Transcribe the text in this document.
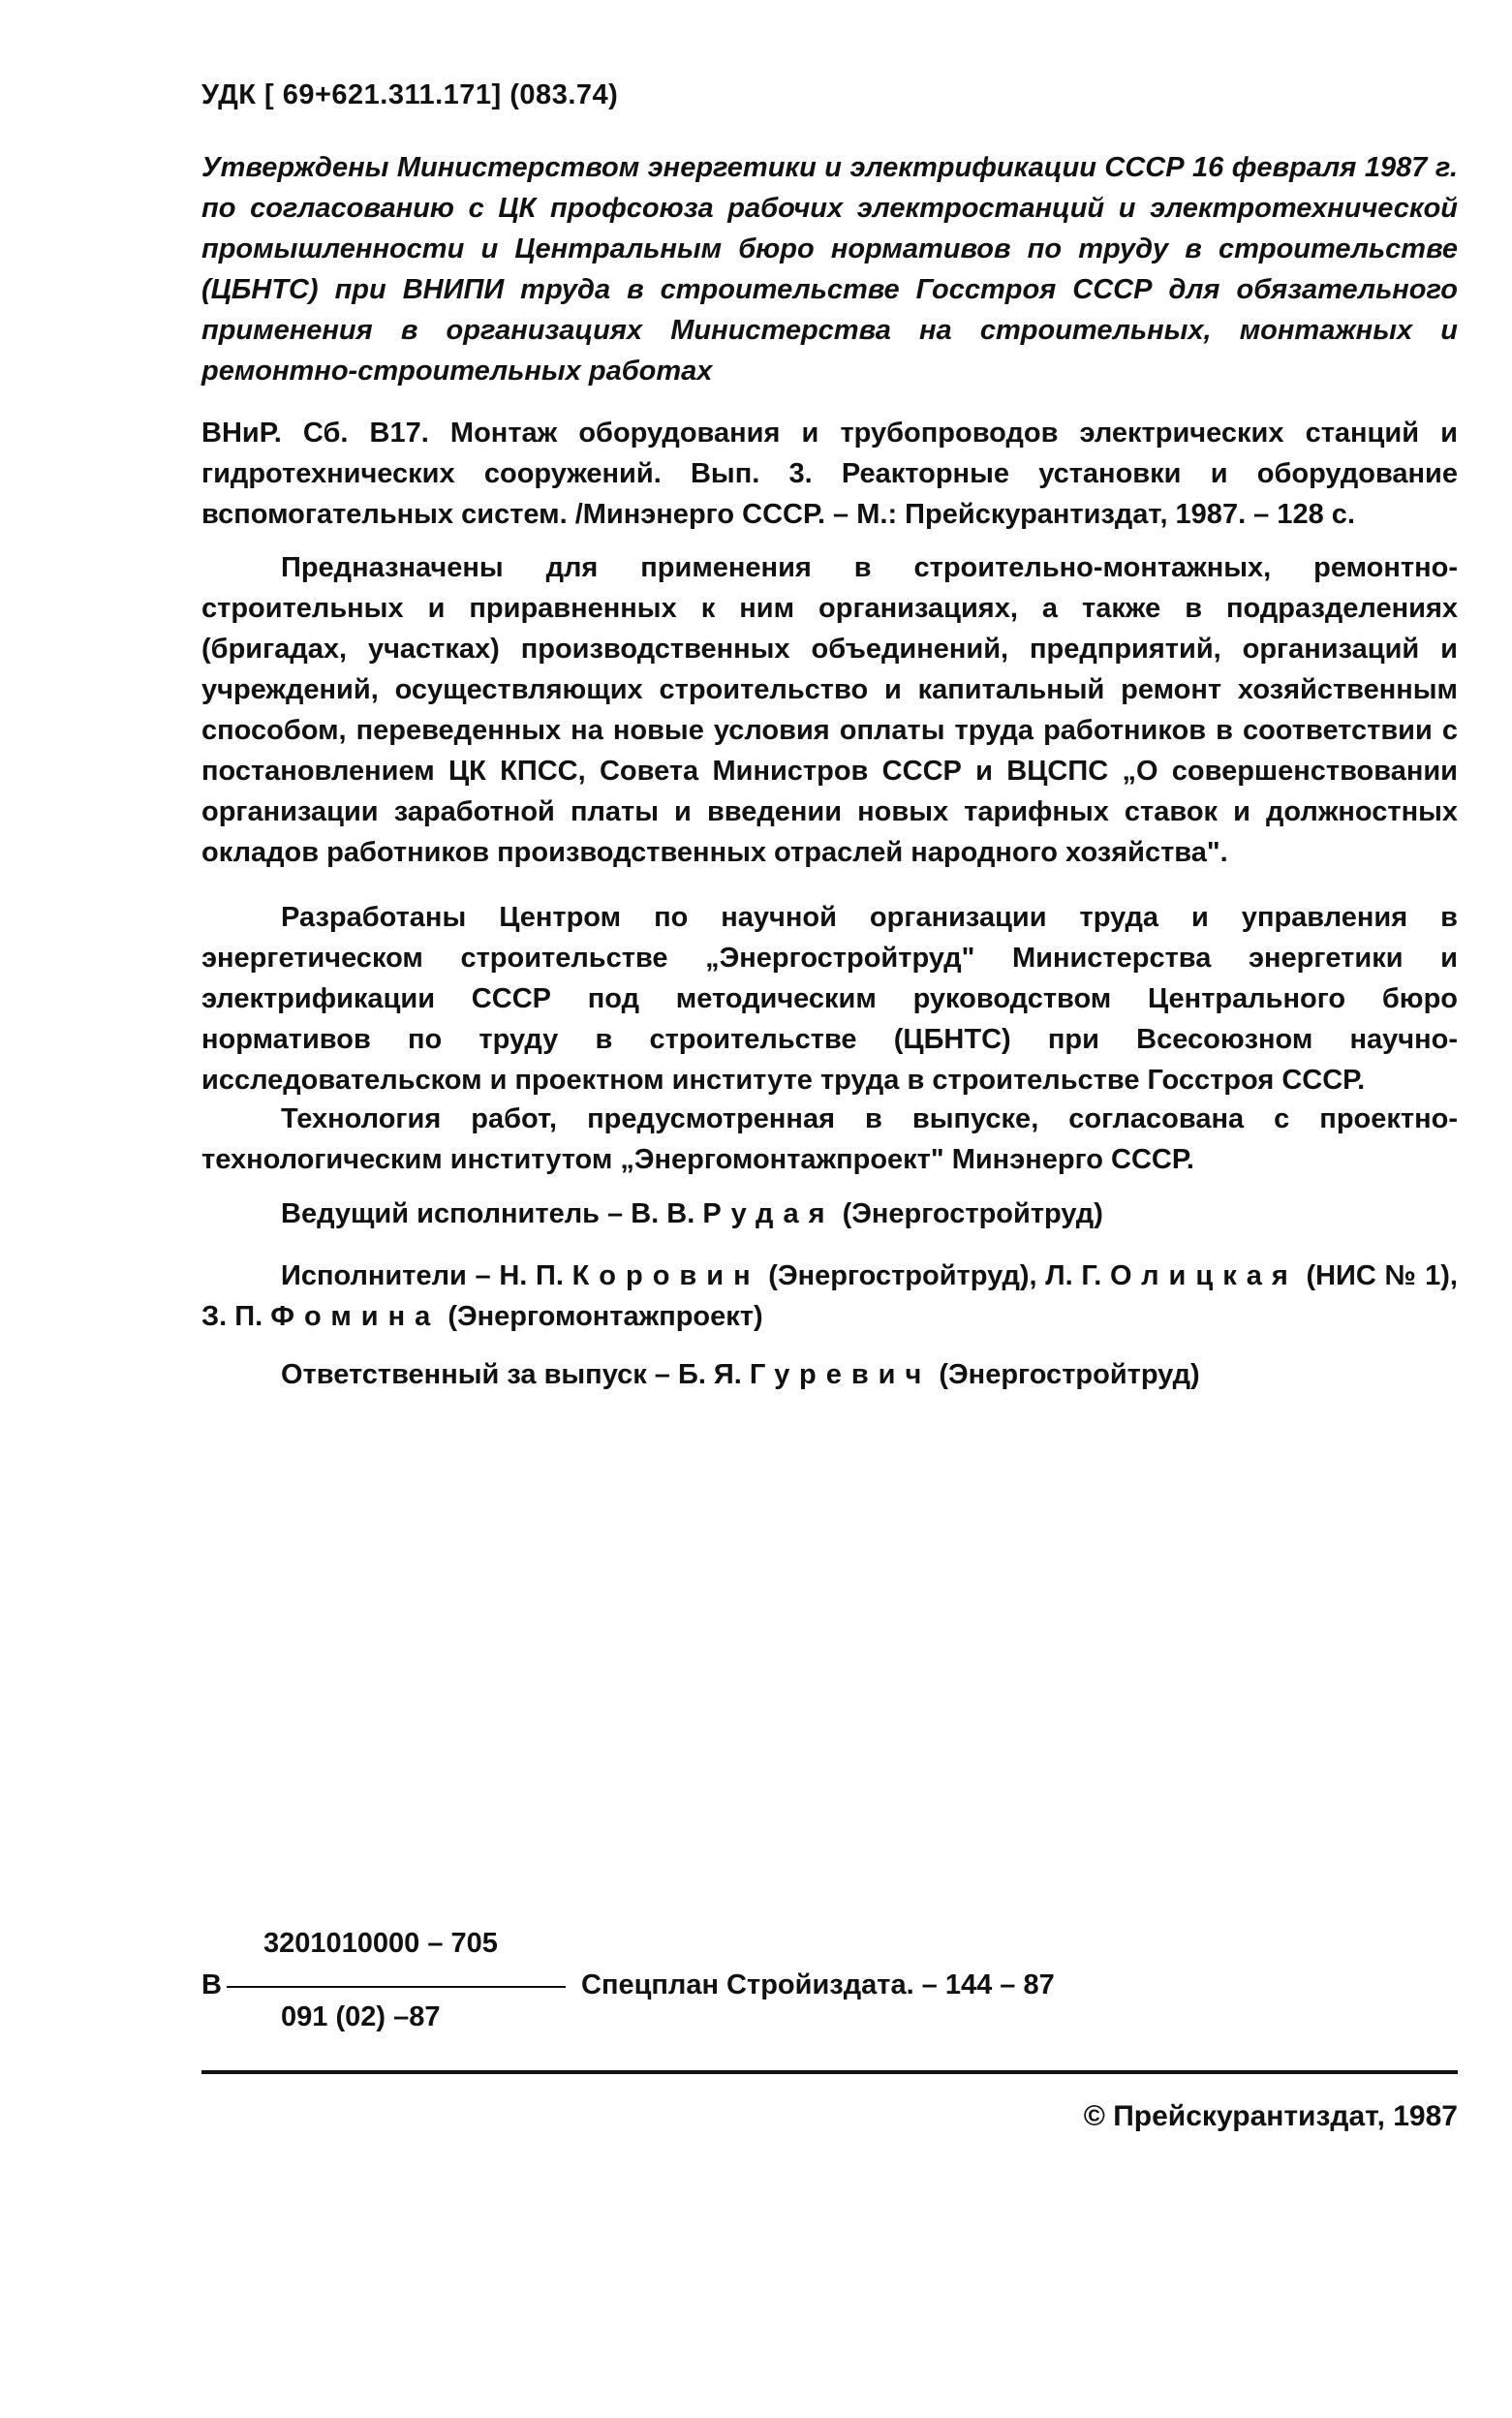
УДК [ 69+621.311.171] (083.74)
Утверждены Министерством энергетики и электрификации СССР 16 февраля 1987 г. по согласованию с ЦК профсоюза рабочих электростанций и электротехнической промышленности и Центральным бюро нормативов по труду в строительстве (ЦБНТС) при ВНИПИ труда в строительстве Госстроя СССР для обязательного применения в организациях Министерства на строительных, монтажных и ремонтно-строительных работах
ВНиР. Сб. В17. Монтаж оборудования и трубопроводов электрических станций и гидротехнических сооружений. Вып. 3. Реакторные установки и оборудование вспомогательных систем. /Минэнерго СССР. – М.: Прейскурантиздат, 1987. – 128 с.

Предназначены для применения в строительно-монтажных, ремонтно-строительных и приравненных к ним организациях, а также в подразделениях (бригадах, участках) производственных объединений, предприятий, организаций и учреждений, осуществляющих строительство и капитальный ремонт хозяйственным способом, переведенных на новые условия оплаты труда работников в соответствии с постановлением ЦК КПСС, Совета Министров СССР и ВЦСПС „О совершенствовании организации заработной платы и введении новых тарифных ставок и должностных окладов работников производственных отраслей народного хозяйства".

Разработаны Центром по научной организации труда и управления в энергетическом строительстве „Энергостройтруд" Министерства энергетики и электрификации СССР под методическим руководством Центрального бюро нормативов по труду в строительстве (ЦБНТС) при Всесоюзном научно-исследовательском и проектном институте труда в строительстве Госстроя СССР.

Технология работ, предусмотренная в выпуске, согласована с проектно-технологическим институтом „Энергомонтажпроект" Минэнерго СССР.

Ведущий исполнитель – В. В. Рудая (Энергостройтруд)

Исполнители – Н. П. Коровин (Энергостройтруд), Л. Г. Олицкая (НИС № 1), З. П. Фомина (Энергомонтажпроект)

Ответственный за выпуск – Б. Я. Гуревич (Энергостройтруд)

В
3201010000 – 705
091 (02) –87
Спецплан Стройиздата. – 144 – 87
© Прейскурантиздат, 1987
